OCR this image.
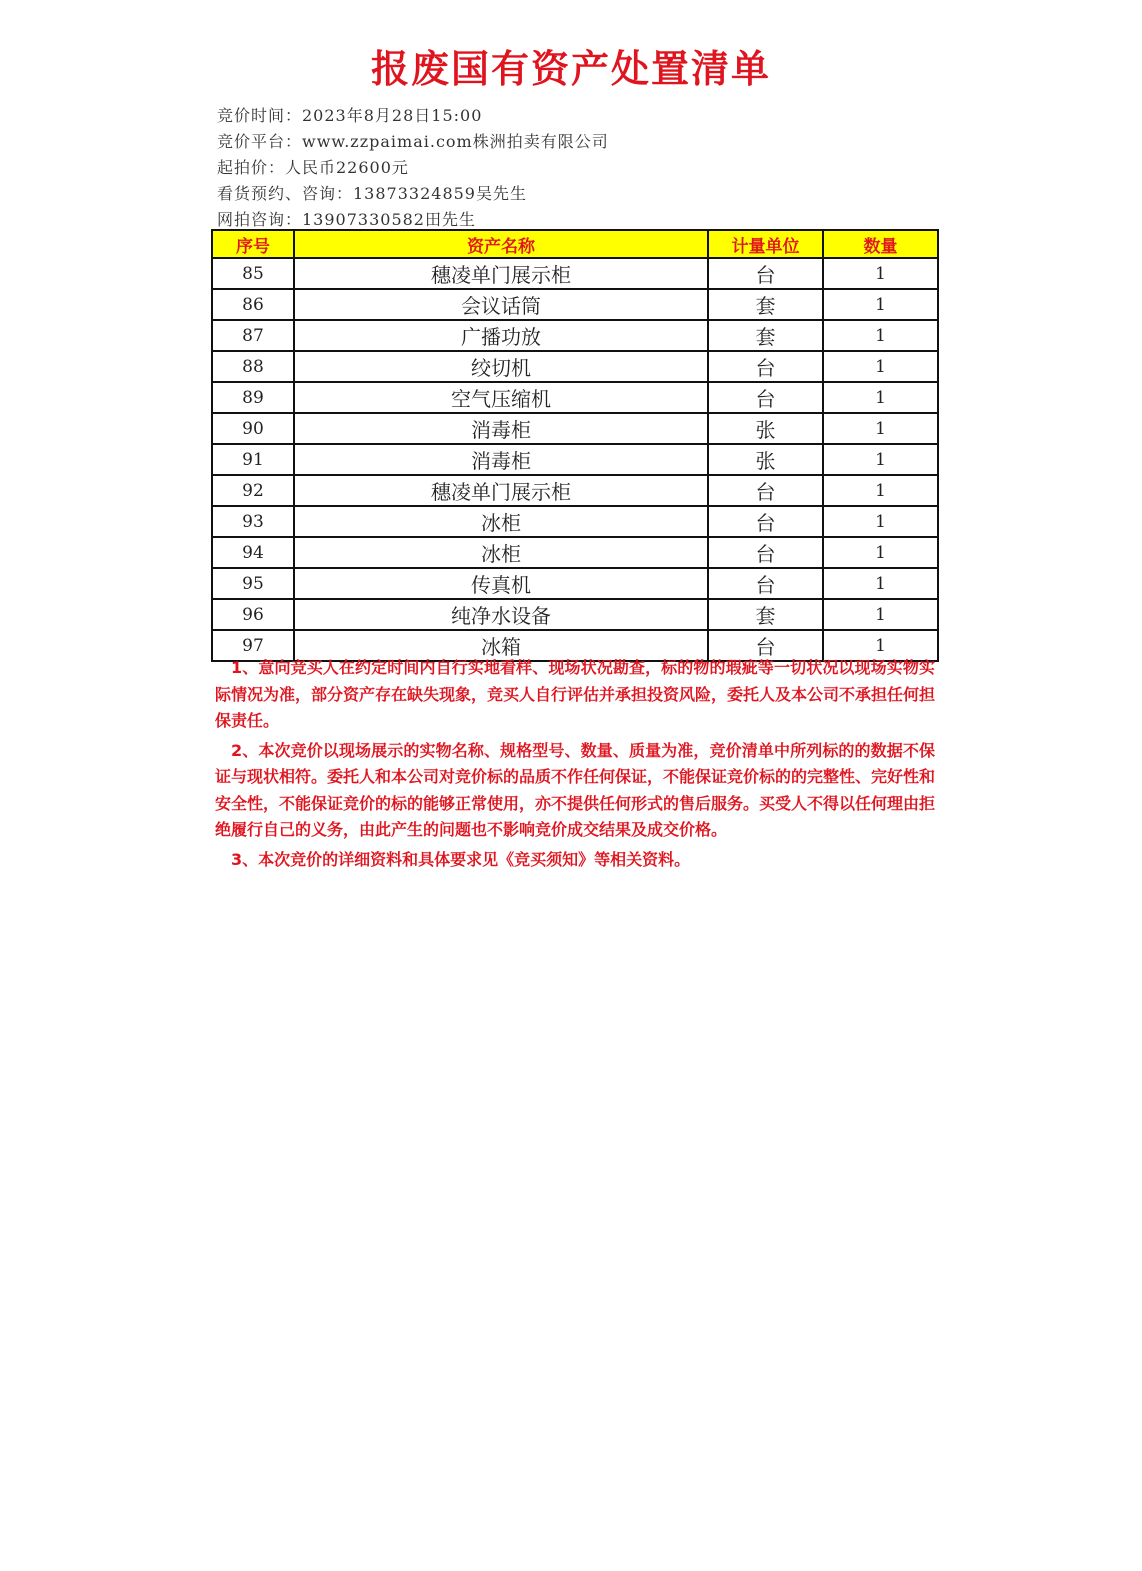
报废国有资产处置清单
竞价时间：2023年8月28日15:00
竞价平台：www.zzpaimai.com株洲拍卖有限公司
起拍价：人民币22600元
看货预约、咨询：13873324859吴先生
网拍咨询：13907330582田先生
序号	资产名称	计量单位	数量
85	穗凌单门展示柜	台	1
86	会议话筒	套	1
87	广播功放	套	1
88	绞切机	台	1
89	空气压缩机	台	1
90	消毒柜	张	1
91	消毒柜	张	1
92	穗凌单门展示柜	台	1
93	冰柜	台	1
94	冰柜	台	1
95	传真机	台	1
96	纯净水设备	套	1
97	冰箱	台	1

1、意向竞买人在约定时间内自行实地看样、现场状况勘查，标的物的瑕疵等一切状况以现场实物实际情况为准，部分资产存在缺失现象，竞买人自行评估并承担投资风险，委托人及本公司不承担任何担保责任。

2、本次竞价以现场展示的实物名称、规格型号、数量、质量为准，竞价清单中所列标的的数据不保证与现状相符。委托人和本公司对竞价标的品质不作任何保证，不能保证竞价标的的完整性、完好性和安全性，不能保证竞价的标的能够正常使用，亦不提供任何形式的售后服务。买受人不得以任何理由拒绝履行自己的义务，由此产生的问题也不影响竞价成交结果及成交价格。

3、本次竞价的详细资料和具体要求见《竞买须知》等相关资料。
